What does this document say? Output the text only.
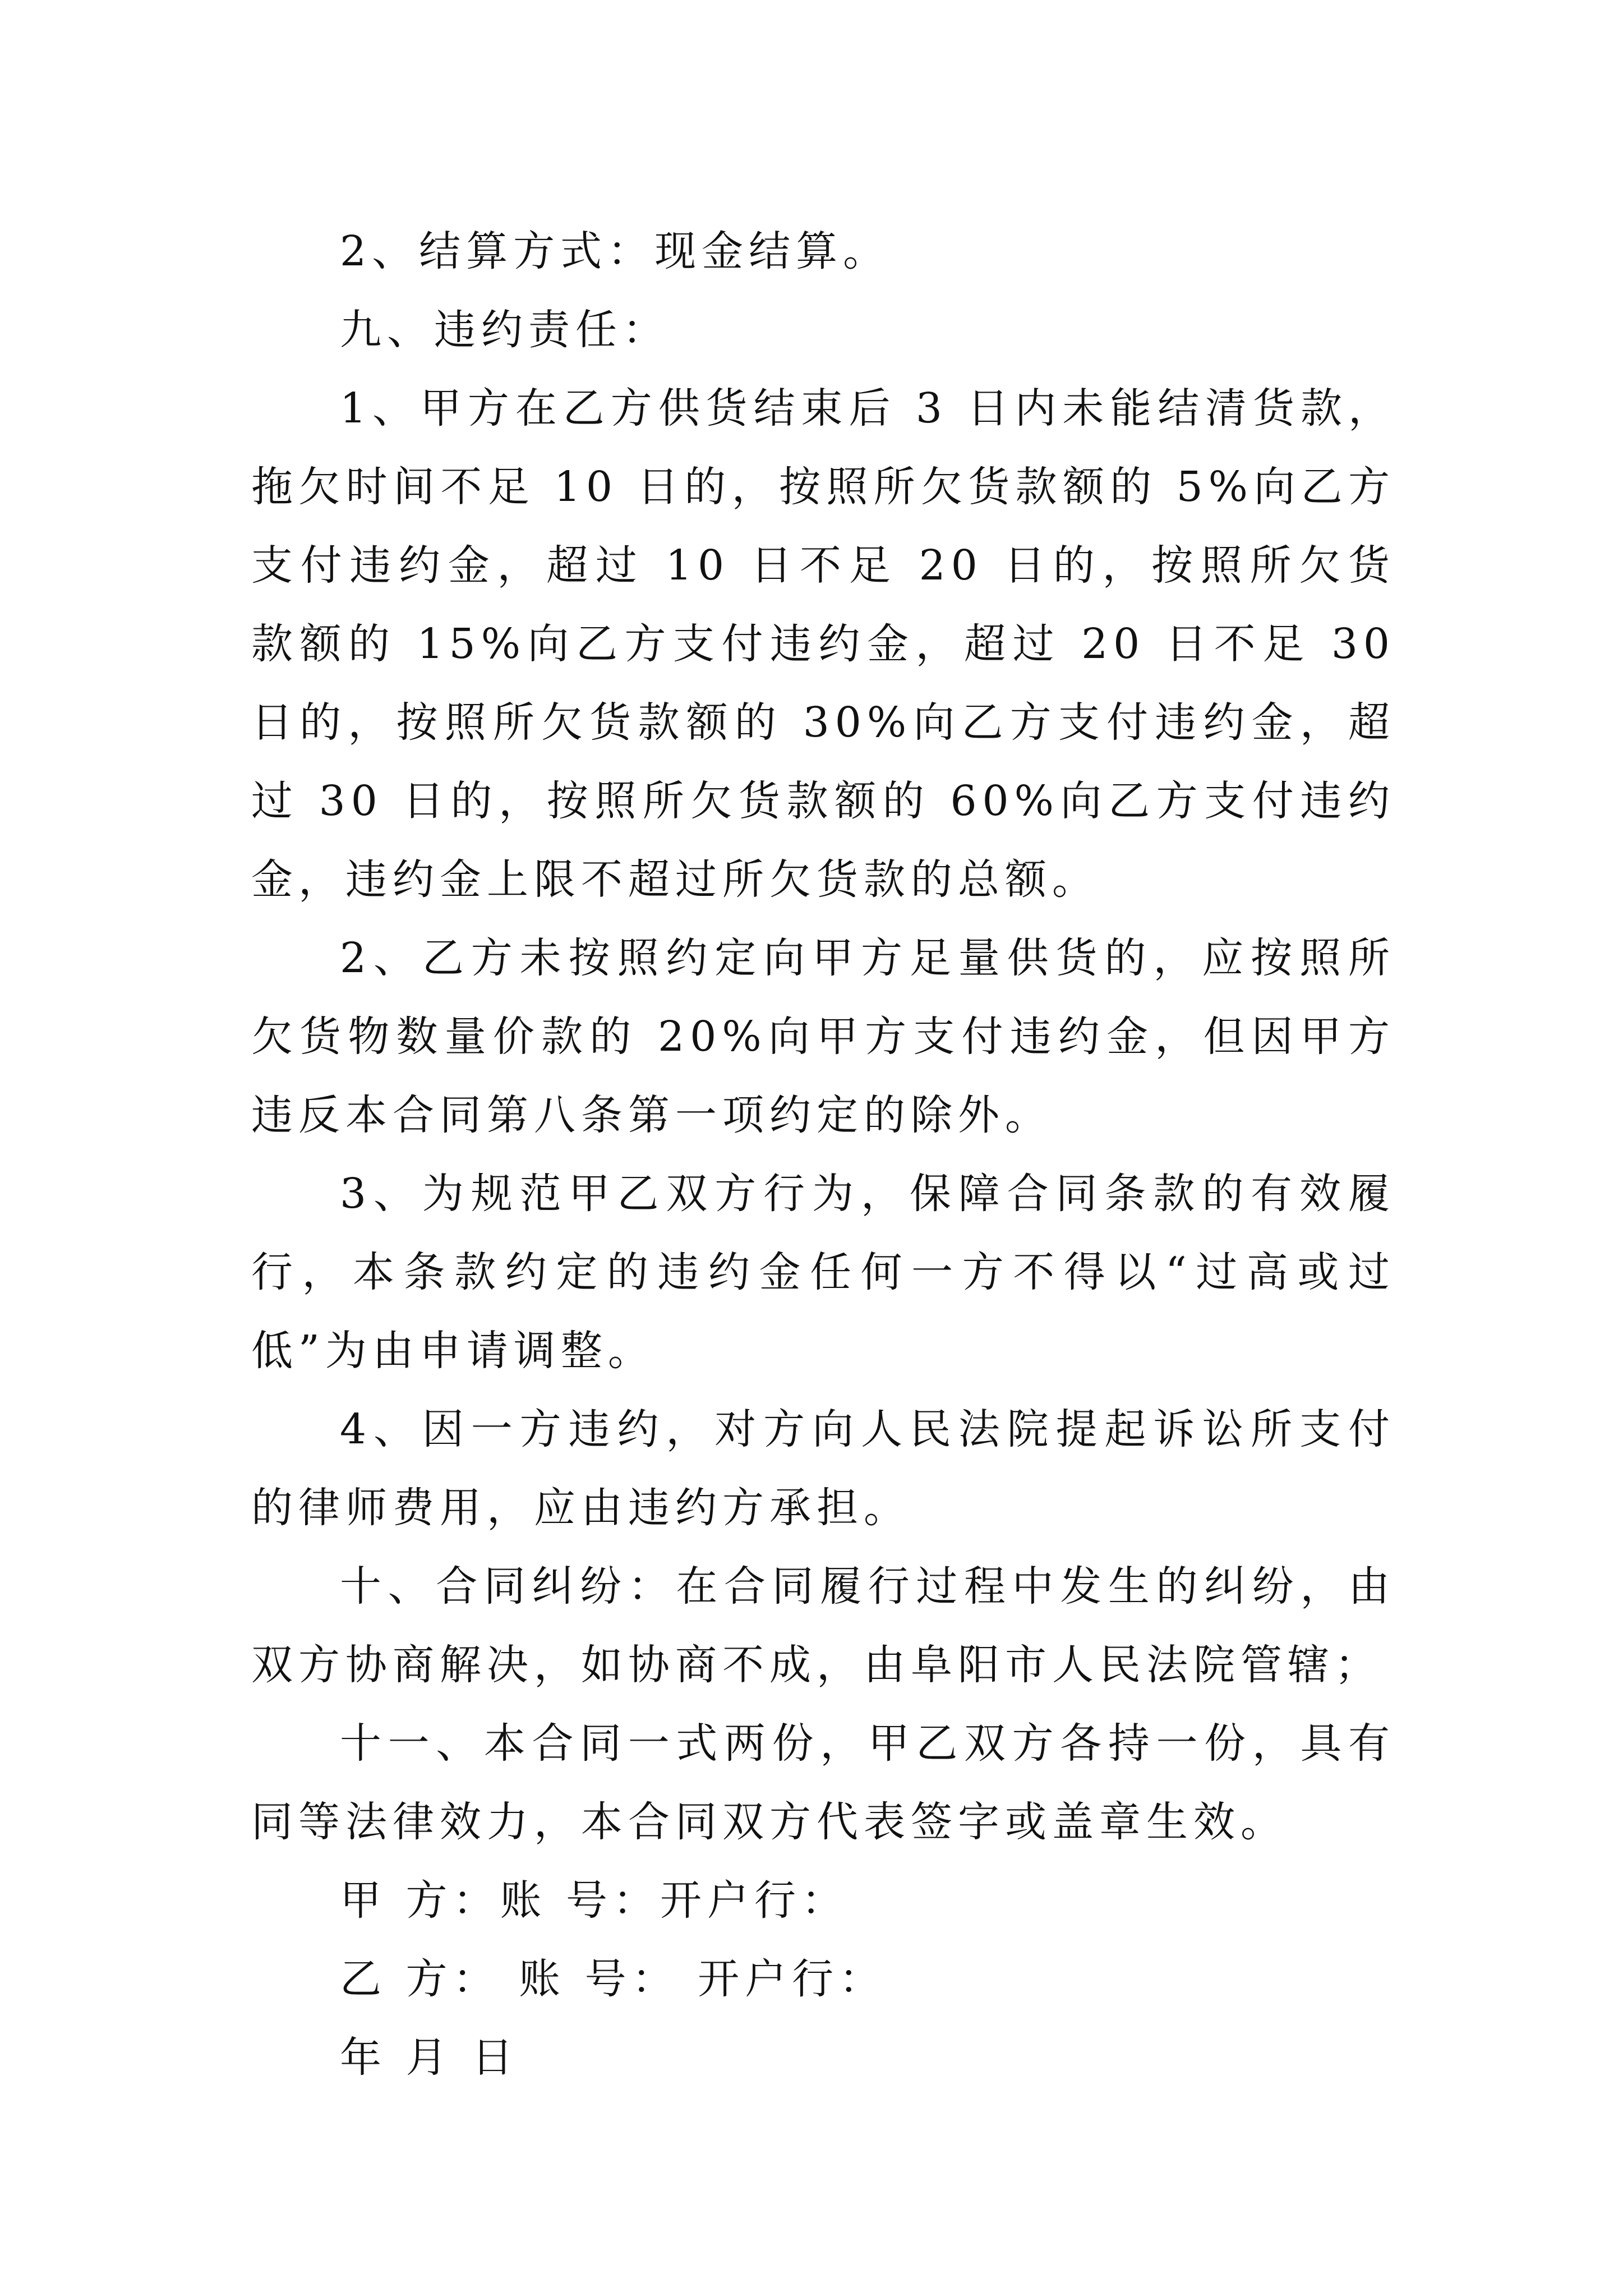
2、结算方式：现金结算。

九、违约责任：

1、甲方在乙方供货结束后 3 日内未能结清货款，拖欠时间不足 10 日的，按照所欠货款额的 5%向乙方支付违约金，超过 10 日不足 20 日的，按照所欠货款额的 15%向乙方支付违约金，超过 20 日不足 30 日的，按照所欠货款额的 30%向乙方支付违约金，超过 30 日的，按照所欠货款额的 60%向乙方支付违约金，违约金上限不超过所欠货款的总额。

2、乙方未按照约定向甲方足量供货的，应按照所欠货物数量价款的 20%向甲方支付违约金，但因甲方违反本合同第八条第一项约定的除外。

3、为规范甲乙双方行为，保障合同条款的有效履行，本条款约定的违约金任何一方不得以“过高或过低”为由申请调整。

4、因一方违约，对方向人民法院提起诉讼所支付的律师费用，应由违约方承担。

十、合同纠纷：在合同履行过程中发生的纠纷，由双方协商解决，如协商不成，由阜阳市人民法院管辖；

十一、本合同一式两份，甲乙双方各持一份，具有同等法律效力，本合同双方代表签字或盖章生效。

甲 方：账 号：开户行：

乙 方： 账 号： 开户行：

年 月 日
